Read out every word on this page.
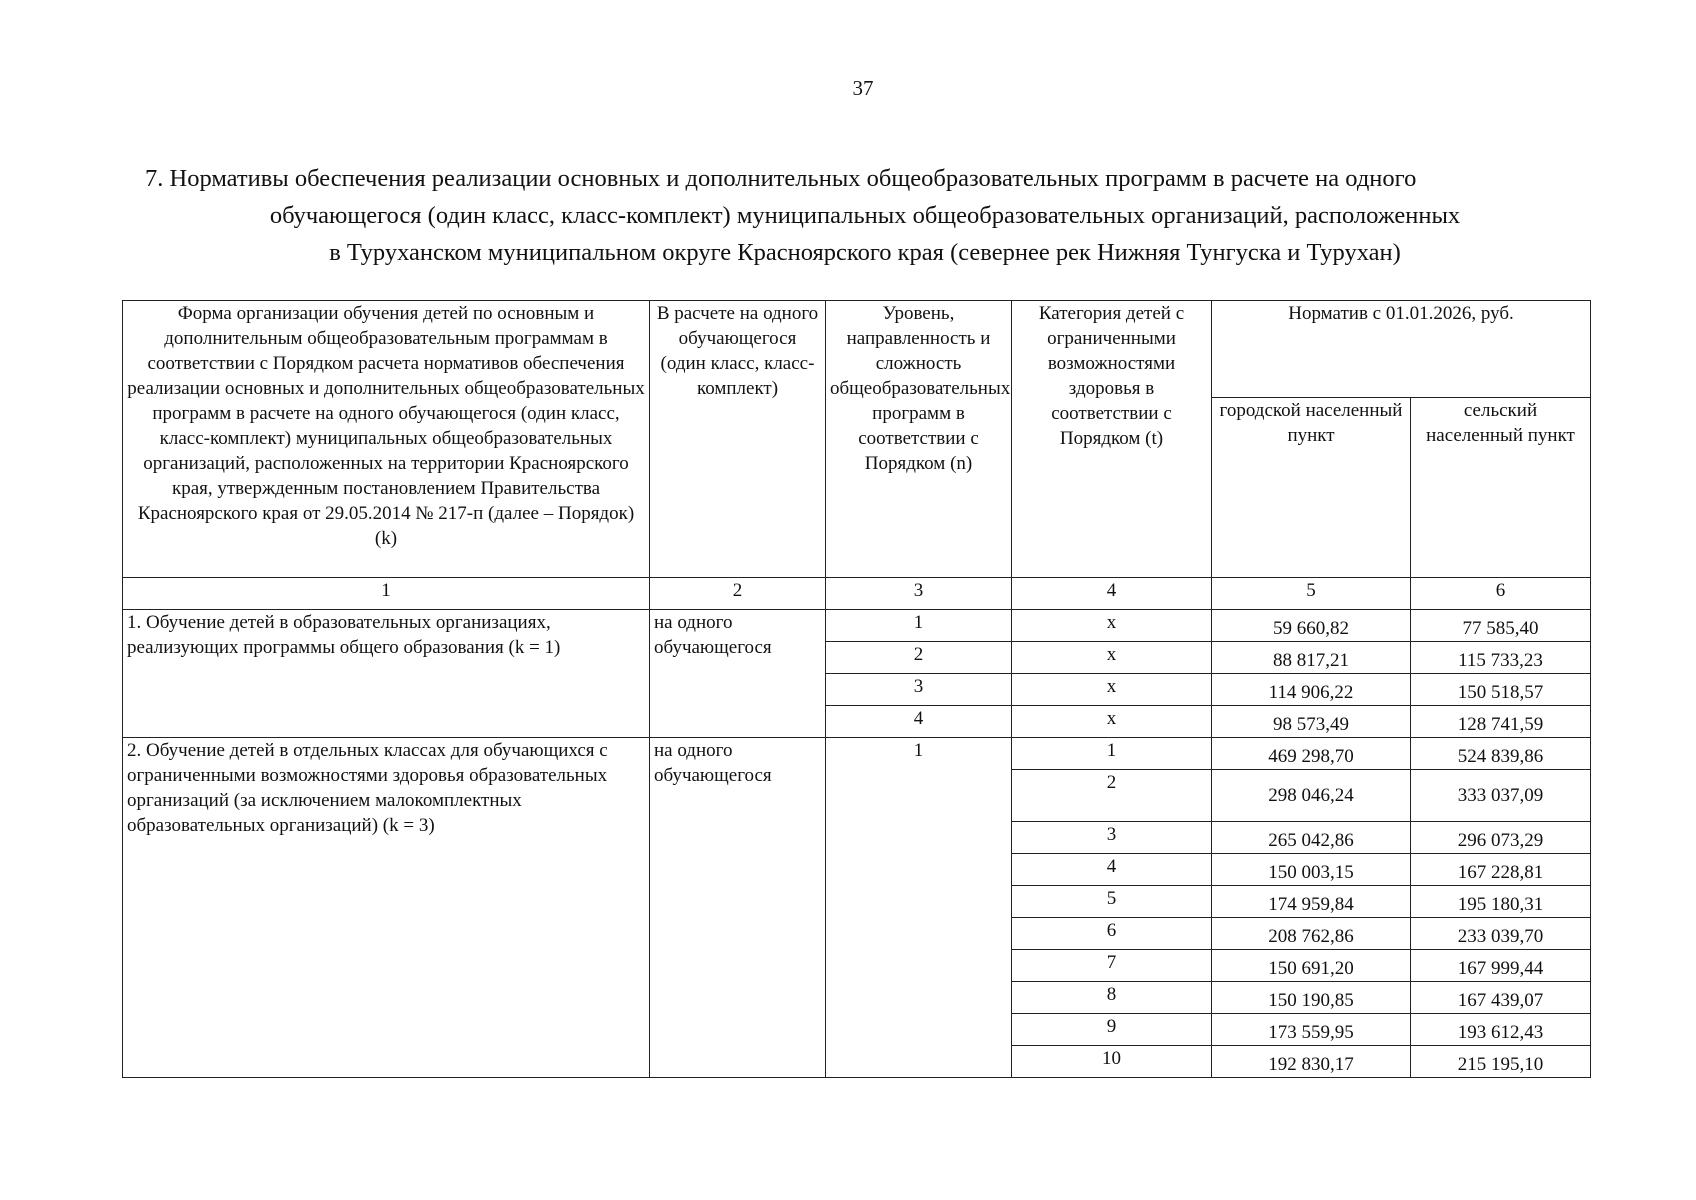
37
7. Нормативы обеспечения реализации основных и дополнительных общеобразовательных программ в расчете на одного
обучающегося (один класс, класс-комплект) муниципальных общеобразовательных организаций, расположенных
в Туруханском муниципальном округе Красноярского края (севернее рек Нижняя Тунгуска и Турухан)
Форма организации обучения детей по основным и дополнительным общеобразовательным программам в соответствии с Порядком расчета нормативов обеспечения реализации основных и дополнительных общеобразовательных программ в расчете на одного обучающегося (один класс, класс-комплект) муниципальных общеобразовательных организаций, расположенных на территории Красноярского края, утвержденным постановлением Правительства Красноярского края от 29.05.2014 № 217-п (далее – Порядок) (k)	В расчете на одного обучающегося (один класс, класс-комплект)	Уровень, направленность и сложность общеобразовательных программ в соответствии с Порядком (n)	Категория детей с ограниченными возможностями здоровья в соответствии с Порядком (t)	Норматив с 01.01.2026, руб.	
				городской населенный пункт	сельский населенный пункт
1	2	3	4	5	6
1. Обучение детей в образовательных организациях, реализующих программы общего образования (k = 1)	на одного обучающегося	1	х	59 660,82	77 585,40
		2	х	88 817,21	115 733,23
		3	х	114 906,22	150 518,57
		4	х	98 573,49	128 741,59
2. Обучение детей в отдельных классах для обучающихся с ограниченными возможностями здоровья образовательных организаций (за исключением малокомплектных образовательных организаций) (k = 3)	на одного обучающегося	1	1	469 298,70	524 839,86
			2	298 046,24	333 037,09
			3	265 042,86	296 073,29
			4	150 003,15	167 228,81
			5	174 959,84	195 180,31
			6	208 762,86	233 039,70
			7	150 691,20	167 999,44
			8	150 190,85	167 439,07
			9	173 559,95	193 612,43
			10	192 830,17	215 195,10
